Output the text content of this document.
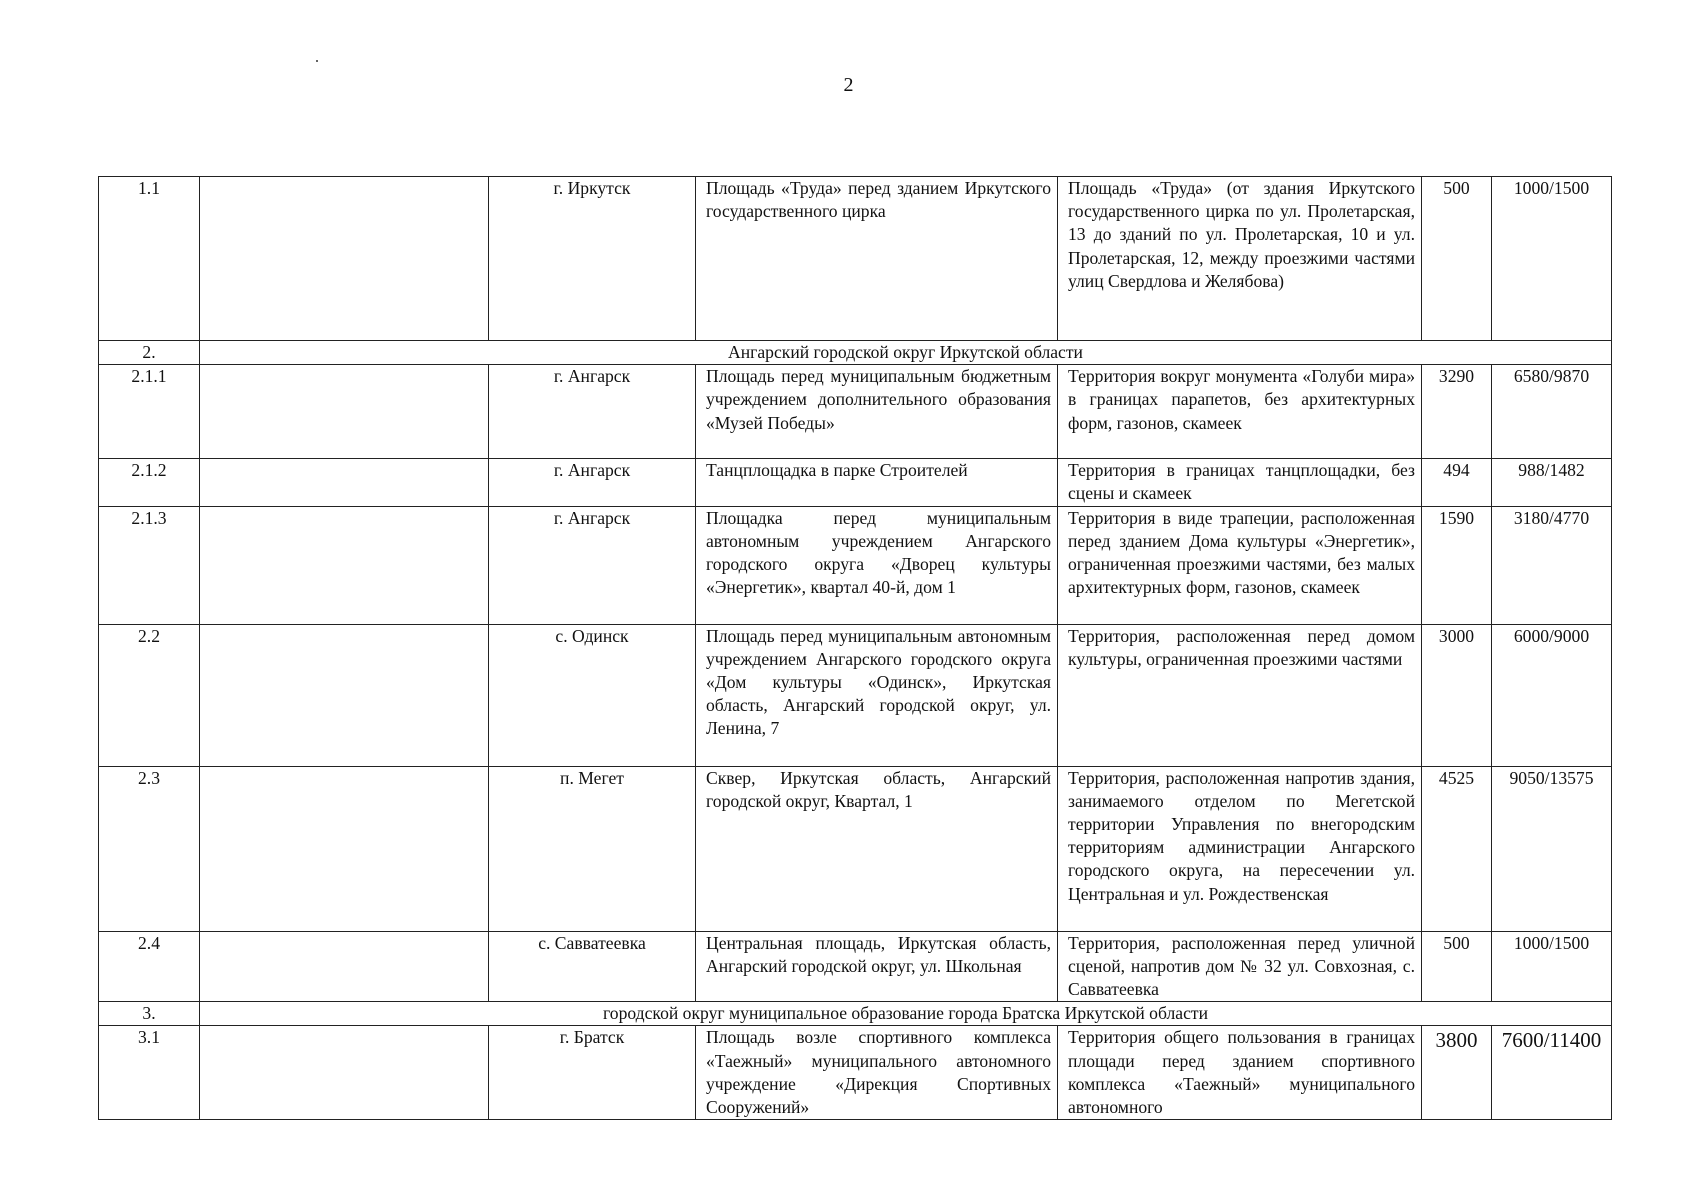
2
1.1		г. Иркутск	Площадь «Труда» перед зданием Иркутского государственного цирка	Площадь «Труда» (от здания Иркутского государственного цирка по ул. Пролетарская, 13 до зданий по ул. Пролетарская, 10 и ул. Пролетарская, 12, между проезжими частями улиц Свердлова и Желябова)	500	1000/1500
2.	Ангарский городской округ Иркутской области					
2.1.1		г. Ангарск	Площадь перед муниципальным бюджетным учреждением дополнительного образования «Музей Победы»	Территория вокруг монумента «Голуби мира» в границах парапетов, без архитектурных форм, газонов, скамеек	3290	6580/9870
2.1.2		г. Ангарск	Танцплощадка в парке Строителей	Территория в границах танцплощадки, без сцены и скамеек	494	988/1482
2.1.3		г. Ангарск	Площадка перед муниципальным автономным учреждением Ангарского городского округа «Дворец культуры «Энергетик», квартал 40-й, дом 1	Территория в виде трапеции, расположенная перед зданием Дома культуры «Энергетик», ограниченная проезжими частями, без малых архитектурных форм, газонов, скамеек	1590	3180/4770
2.2		с. Одинск	Площадь перед муниципальным автономным учреждением Ангарского городского округа «Дом культуры «Одинск», Иркутская область, Ангарский городской округ, ул. Ленина, 7	Территория, расположенная перед домом культуры, ограниченная проезжими частями	3000	6000/9000
2.3		п. Мегет	Сквер, Иркутская область, Ангарский городской округ, Квартал, 1	Территория, расположенная напротив здания, занимаемого отделом по Мегетской территории Управления по внегородским территориям администрации Ангарского городского округа, на пересечении ул. Центральная и ул. Рождественская	4525	9050/13575
2.4		с. Савватеевка	Центральная площадь, Иркутская область, Ангарский городской округ, ул. Школьная	Территория, расположенная перед уличной сценой, напротив дом № 32 ул. Совхозная, с. Савватеевка	500	1000/1500
3.	городской округ муниципальное образование города Братска Иркутской области					
3.1		г. Братск	Площадь возле спортивного комплекса «Таежный» муниципального автономного учреждение «Дирекция Спортивных Сооружений»	Территория общего пользования в границах площади перед зданием спортивного комплекса «Таежный» муниципального автономного	3800	7600/11400
